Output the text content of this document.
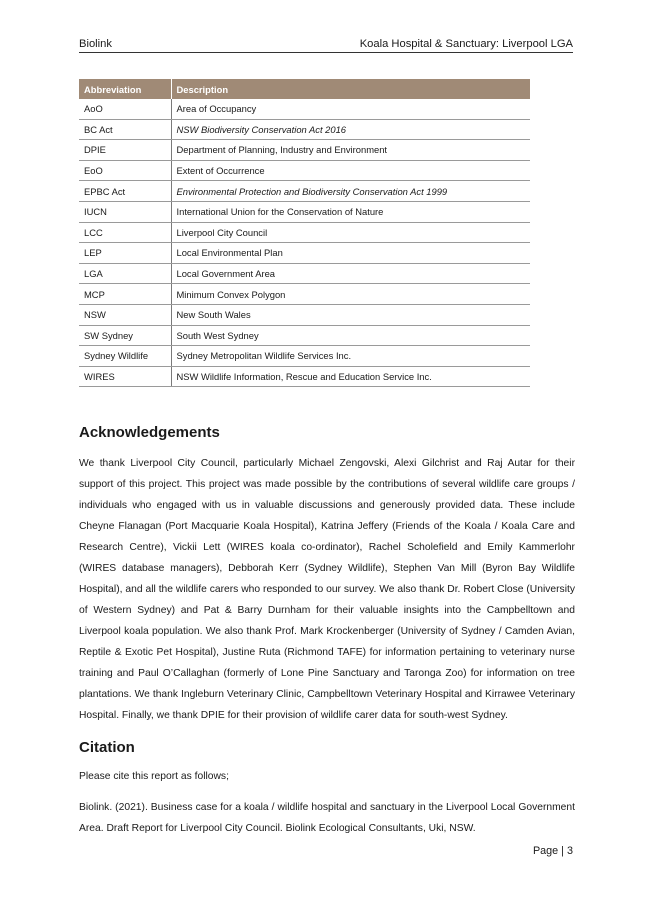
Biolink	Koala Hospital & Sanctuary: Liverpool LGA
Abbreviation	Description
AoO	Area of Occupancy
BC Act	NSW Biodiversity Conservation Act 2016
DPIE	Department of Planning, Industry and Environment
EoO	Extent of Occurrence
EPBC Act	Environmental Protection and Biodiversity Conservation Act 1999
IUCN	International Union for the Conservation of Nature
LCC	Liverpool City Council
LEP	Local Environmental Plan
LGA	Local Government Area
MCP	Minimum Convex Polygon
NSW	New South Wales
SW Sydney	South West Sydney
Sydney Wildlife	Sydney Metropolitan Wildlife Services Inc.
WIRES	NSW Wildlife Information, Rescue and Education Service Inc.
Acknowledgements

We thank Liverpool City Council, particularly Michael Zengovski, Alexi Gilchrist and Raj Autar for their support of this project. This project was made possible by the contributions of several wildlife care groups / individuals who engaged with us in valuable discussions and generously provided data. These include Cheyne Flanagan (Port Macquarie Koala Hospital), Katrina Jeffery (Friends of the Koala / Koala Care and Research Centre), Vickii Lett (WIRES koala co-ordinator), Rachel Scholefield and Emily Kammerlohr (WIRES database managers), Debborah Kerr (Sydney Wildlife), Stephen Van Mill (Byron Bay Wildlife Hospital), and all the wildlife carers who responded to our survey. We also thank Dr. Robert Close (University of Western Sydney) and Pat & Barry Durnham for their valuable insights into the Campbelltown and Liverpool koala population. We also thank Prof. Mark Krockenberger (University of Sydney / Camden Avian, Reptile & Exotic Pet Hospital), Justine Ruta (Richmond TAFE) for information pertaining to veterinary nurse training and Paul O’Callaghan (formerly of Lone Pine Sanctuary and Taronga Zoo) for information on tree plantations. We thank Ingleburn Veterinary Clinic, Campbelltown Veterinary Hospital and Kirrawee Veterinary Hospital. Finally, we thank DPIE for their provision of wildlife carer data for south-west Sydney.

Citation

Please cite this report as follows;

Biolink. (2021). Business case for a koala / wildlife hospital and sanctuary in the Liverpool Local Government Area. Draft Report for Liverpool City Council. Biolink Ecological Consultants, Uki, NSW.

Page | 3
